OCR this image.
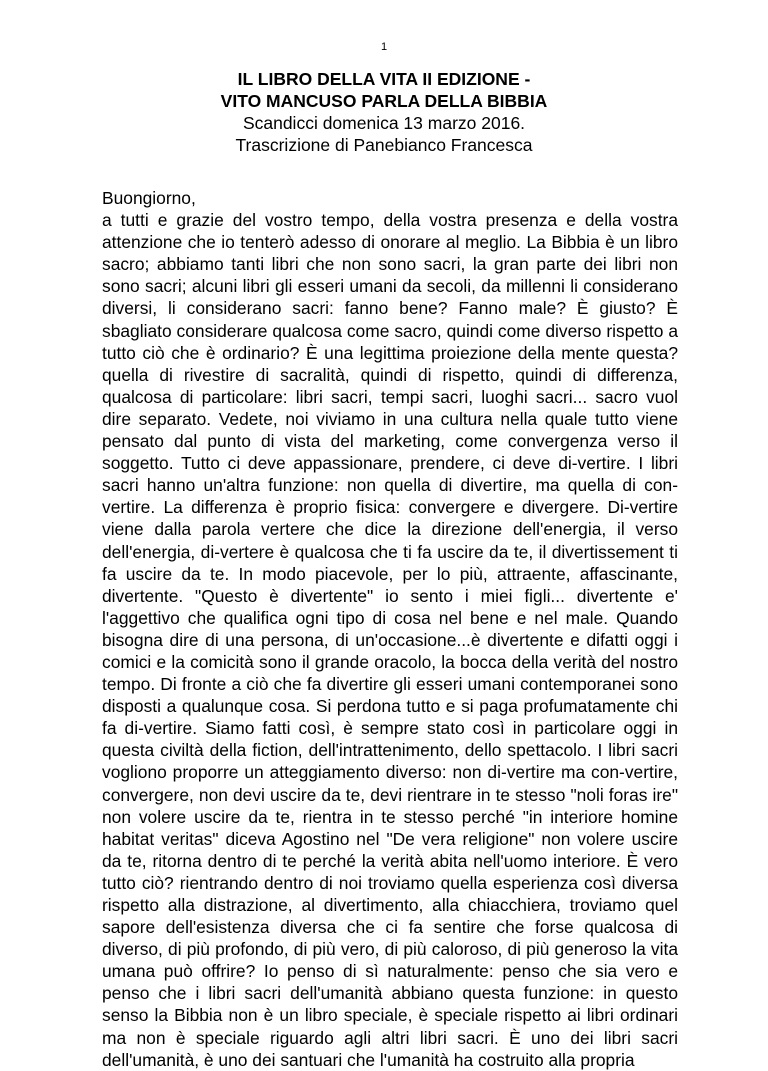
1
IL LIBRO DELLA VITA II EDIZIONE -
VITO MANCUSO PARLA DELLA BIBBIA
Scandicci domenica 13 marzo 2016.
Trascrizione di Panebianco Francesca

Buongiorno,

a tutti e grazie del vostro tempo, della vostra presenza e della vostra attenzione che io tenterò adesso di onorare al meglio. La Bibbia è un libro sacro; abbiamo tanti libri che non sono sacri, la gran parte dei libri non sono sacri; alcuni libri gli esseri umani da secoli, da millenni li considerano diversi, li considerano sacri: fanno bene? Fanno male? È giusto? È sbagliato considerare qualcosa come sacro, quindi come diverso rispetto a tutto ciò che è ordinario? È una legittima proiezione della mente questa? quella di rivestire di sacralità, quindi di rispetto, quindi di differenza, qualcosa di particolare: libri sacri, tempi sacri, luoghi sacri... sacro vuol dire separato. Vedete, noi viviamo in una cultura nella quale tutto viene pensato dal punto di vista del marketing, come convergenza verso il soggetto. Tutto ci deve appassionare, prendere, ci deve di-vertire. I libri sacri hanno un'altra funzione: non quella di divertire, ma quella di con-vertire. La differenza è proprio fisica: convergere e divergere. Di-vertire viene dalla parola vertere che dice la direzione dell'energia, il verso dell'energia, di-vertere è qualcosa che ti fa uscire da te, il divertissement ti fa uscire da te. In modo piacevole, per lo più, attraente, affascinante, divertente. "Questo è divertente" io sento i miei figli... divertente e' l'aggettivo che qualifica ogni tipo di cosa nel bene e nel male. Quando bisogna dire di una persona, di un'occasione...è divertente e difatti oggi i comici e la comicità sono il grande oracolo, la bocca della verità del nostro tempo. Di fronte a ciò che fa divertire gli esseri umani contemporanei sono disposti a qualunque cosa. Si perdona tutto e si paga profumatamente chi fa di-vertire. Siamo fatti così, è sempre stato così in particolare oggi in questa civiltà della fiction, dell'intrattenimento, dello spettacolo. I libri sacri vogliono proporre un atteggiamento diverso: non di-vertire ma con-vertire, convergere, non devi uscire da te, devi rientrare in te stesso "noli foras ire" non volere uscire da te, rientra in te stesso perché "in interiore homine habitat veritas" diceva Agostino nel "De vera religione" non volere uscire da te, ritorna dentro di te perché la verità abita nell'uomo interiore. È vero tutto ciò? rientrando dentro di noi troviamo quella esperienza così diversa rispetto alla distrazione, al divertimento, alla chiacchiera, troviamo quel sapore dell'esistenza diversa che ci fa sentire che forse qualcosa di diverso, di più profondo, di più vero, di più caloroso, di più generoso la vita umana può offrire? Io penso di sì naturalmente: penso che sia vero e penso che i libri sacri dell'umanità abbiano questa funzione: in questo senso la Bibbia non è un libro speciale, è speciale rispetto ai libri ordinari ma non è speciale riguardo agli altri libri sacri. È uno dei libri sacri dell'umanità, è uno dei santuari che l'umanità ha costruito alla propria
